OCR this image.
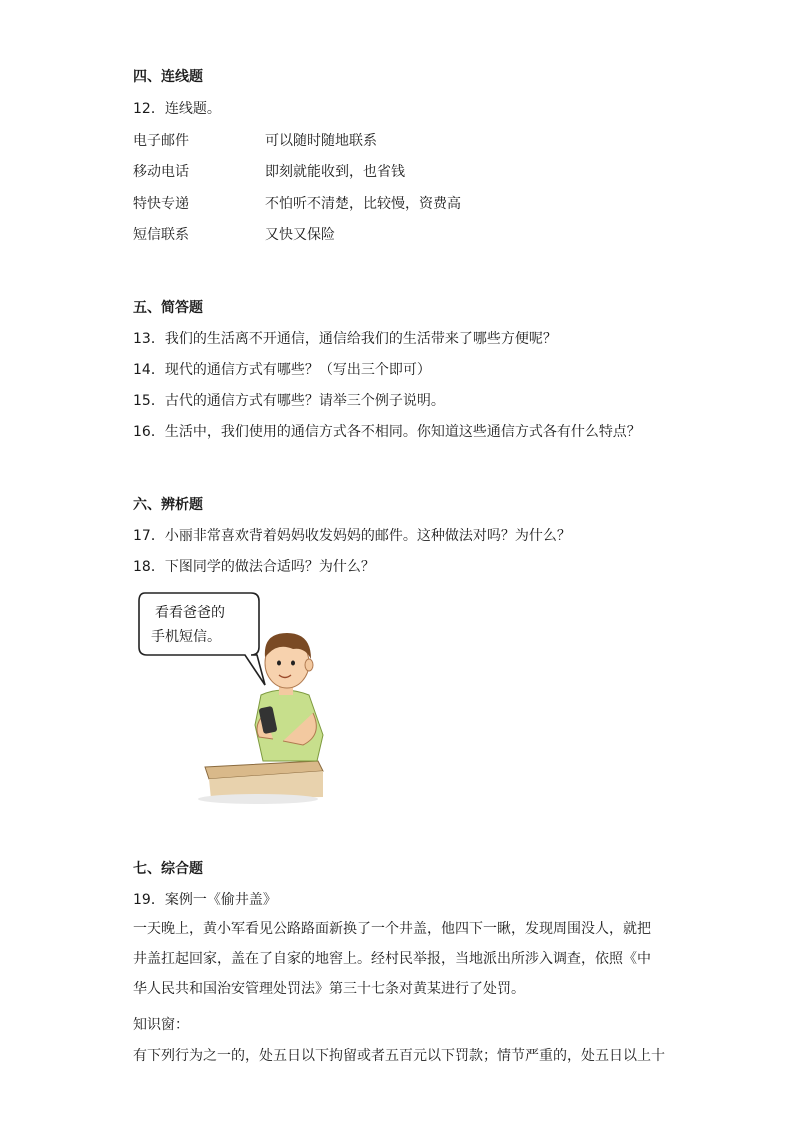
四、连线题
12．连线题。
电子邮件	可以随时随地联系
移动电话	即刻就能收到，也省钱
特快专递	不怕听不清楚，比较慢，资费高
短信联系	又快又保险
五、简答题
13．我们的生活离不开通信，通信给我们的生活带来了哪些方便呢？
14．现代的通信方式有哪些？（写出三个即可）
15．古代的通信方式有哪些？请举三个例子说明。
16．生活中，我们使用的通信方式各不相同。你知道这些通信方式各有什么特点？
六、辨析题
17．小丽非常喜欢背着妈妈收发妈妈的邮件。这种做法对吗？为什么？
18．下图同学的做法合适吗？为什么？
看看爸爸的
手机短信。
七、综合题
19．案例一《偷井盖》
一天晚上，黄小军看见公路路面新换了一个井盖，他四下一瞅，发现周围没人，就把井盖扛起回家，盖在了自家的地窖上。经村民举报，当地派出所涉入调查，依照《中华人民共和国治安管理处罚法》第三十七条对黄某进行了处罚。
知识窗：
有下列行为之一的，处五日以下拘留或者五百元以下罚款；情节严重的，处五日以上十
